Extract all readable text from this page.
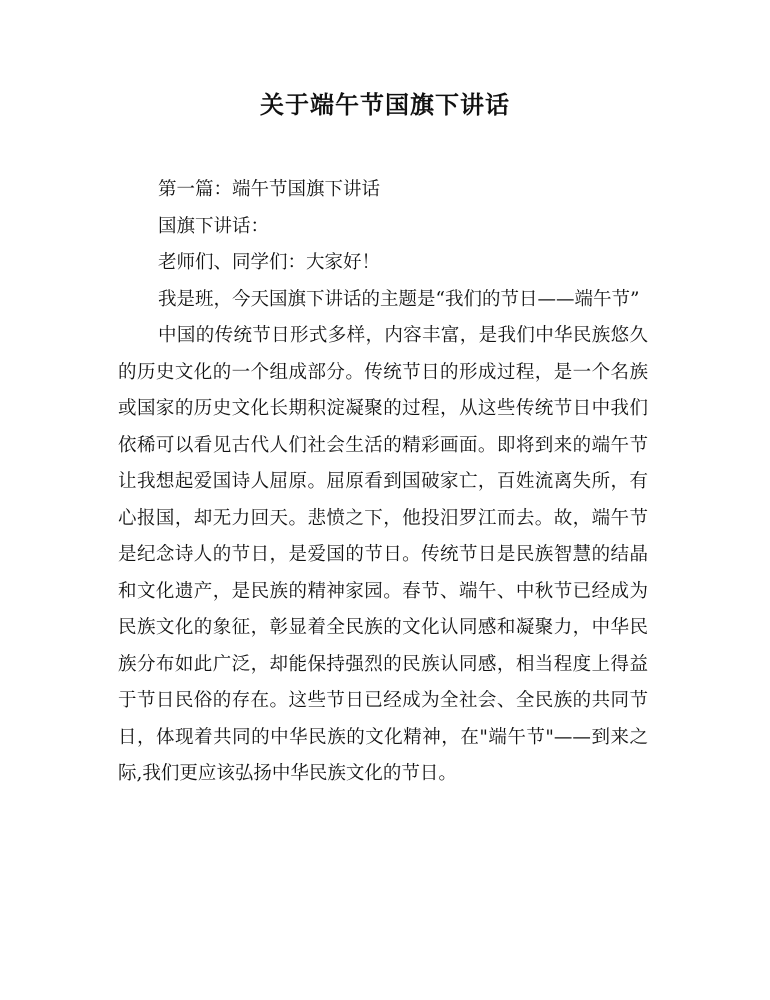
关于端午节国旗下讲话

第一篇：端午节国旗下讲话

国旗下讲话：

老师们、同学们：大家好！

我是班，今天国旗下讲话的主题是“我们的节日——端午节”

中国的传统节日形式多样，内容丰富，是我们中华民族悠久的历史文化的一个组成部分。传统节日的形成过程，是一个名族或国家的历史文化长期积淀凝聚的过程，从这些传统节日中我们依稀可以看见古代人们社会生活的精彩画面。即将到来的端午节让我想起爱国诗人屈原。屈原看到国破家亡，百姓流离失所，有心报国，却无力回天。悲愤之下，他投汨罗江而去。故，端午节是纪念诗人的节日，是爱国的节日。传统节日是民族智慧的结晶和文化遗产，是民族的精神家园。春节、端午、中秋节已经成为民族文化的象征，彰显着全民族的文化认同感和凝聚力，中华民族分布如此广泛，却能保持强烈的民族认同感，相当程度上得益于节日民俗的存在。这些节日已经成为全社会、全民族的共同节日，体现着共同的中华民族的文化精神，在"端午节"——到来之际,我们更应该弘扬中华民族文化的节日。
